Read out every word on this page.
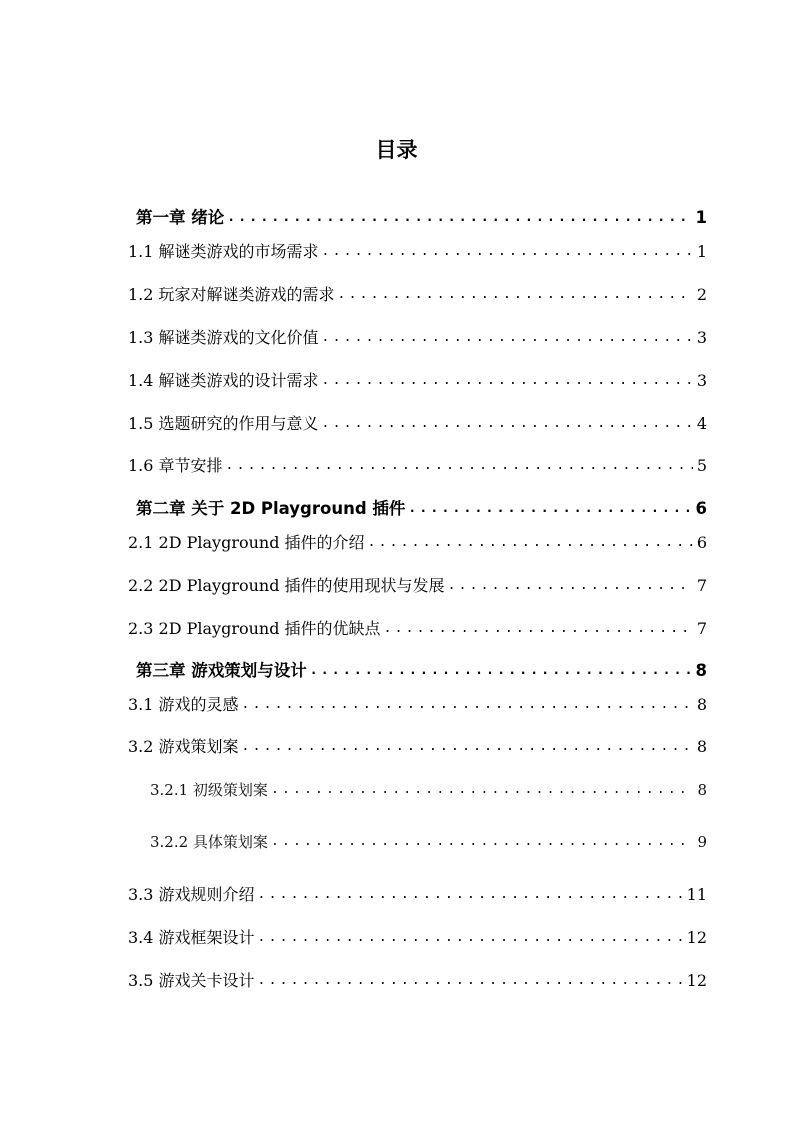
目录
第一章 绪论 .....	1
1.1 解谜类游戏的市场需求 .....	1
1.2 玩家对解谜类游戏的需求 .....	2
1.3 解谜类游戏的文化价值 .....	3
1.4 解谜类游戏的设计需求 .....	3
1.5 选题研究的作用与意义 .....	4
1.6 章节安排 .....	5
第二章 关于 2D Playground 插件 .....	6
2.1 2D Playground 插件的介绍 .....	6
2.2 2D Playground 插件的使用现状与发展 .....	7
2.3 2D Playground 插件的优缺点 .....	7
第三章 游戏策划与设计 .....	8
3.1 游戏的灵感 .....	8
3.2 游戏策划案 .....	8
3.2.1 初级策划案 .....	8
3.2.2 具体策划案 .....	9
3.3 游戏规则介绍 .....	11
3.4 游戏框架设计 .....	12
3.5 游戏关卡设计 .....	12
